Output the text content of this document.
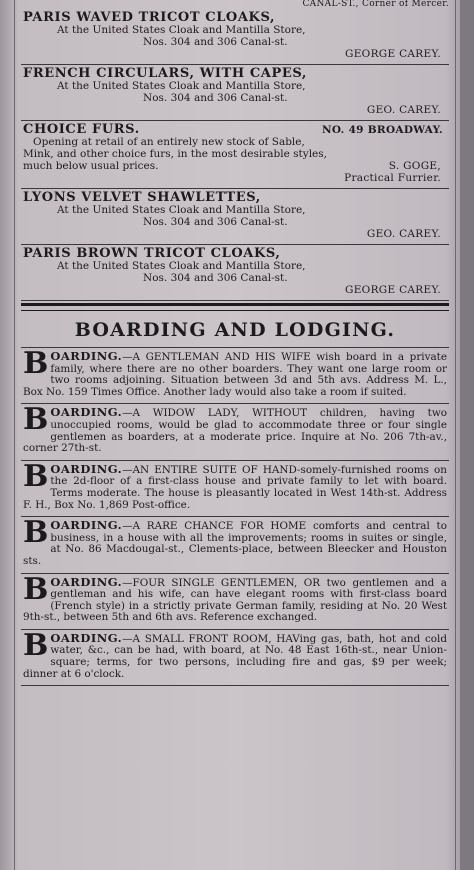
CANAL-ST., Corner of Mercer.
PARIS WAVED TRICOT CLOAKS,
At the United States Cloak and Mantilla Store,
Nos. 304 and 306 Canal-st.
GEORGE CAREY.
FRENCH CIRCULARS, WITH CAPES,
At the United States Cloak and Mantilla Store,
Nos. 304 and 306 Canal-st.
GEO. CAREY.
CHOICE FURS.	NO. 49 BROADWAY.
Opening at retail of an entirely new stock of Sable,
Mink, and other choice furs, in the most desirable styles,
much below usual prices.	S. GOGE,
Practical Furrier.
LYONS VELVET SHAWLETTES,
At the United States Cloak and Mantilla Store,
Nos. 304 and 306 Canal-st.
GEO. CAREY.
PARIS BROWN TRICOT CLOAKS,
At the United States Cloak and Mantilla Store,
Nos. 304 and 306 Canal-st.
GEORGE CAREY.
BOARDING AND LODGING.
BOARDING.—A GENTLEMAN AND HIS WIFE wish board in a private family, where there are no other boarders. They want one large room or two rooms adjoining. Situation between 3d and 5th avs. Address M. L., Box No. 159 Times Office. Another lady would also take a room if suited.
BOARDING.—A WIDOW LADY, WITHOUT children, having two unoccupied rooms, would be glad to accommodate three or four single gentlemen as boarders, at a moderate price. Inquire at No. 206 7th-av., corner 27th-st.
BOARDING.—AN ENTIRE SUITE OF HAND-somely-furnished rooms on the 2d-floor of a first-class house and private family to let with board. Terms moderate. The house is pleasantly located in West 14th-st. Address F. H., Box No. 1,869 Post-office.
BOARDING.—A RARE CHANCE FOR HOME comforts and central to business, in a house with all the improvements; rooms in suites or single, at No. 86 Macdougal-st., Clements-place, between Bleecker and Houston sts.
BOARDING.—FOUR SINGLE GENTLEMEN, OR two gentlemen and a gentleman and his wife, can have elegant rooms with first-class board (French style) in a strictly private German family, residing at No. 20 West 9th-st., between 5th and 6th avs. Reference exchanged.
BOARDING.—A SMALL FRONT ROOM, HAVing gas, bath, hot and cold water, &c., can be had, with board, at No. 48 East 16th-st., near Union-square; terms, for two persons, including fire and gas, $9 per week; dinner at 6 o'clock.
